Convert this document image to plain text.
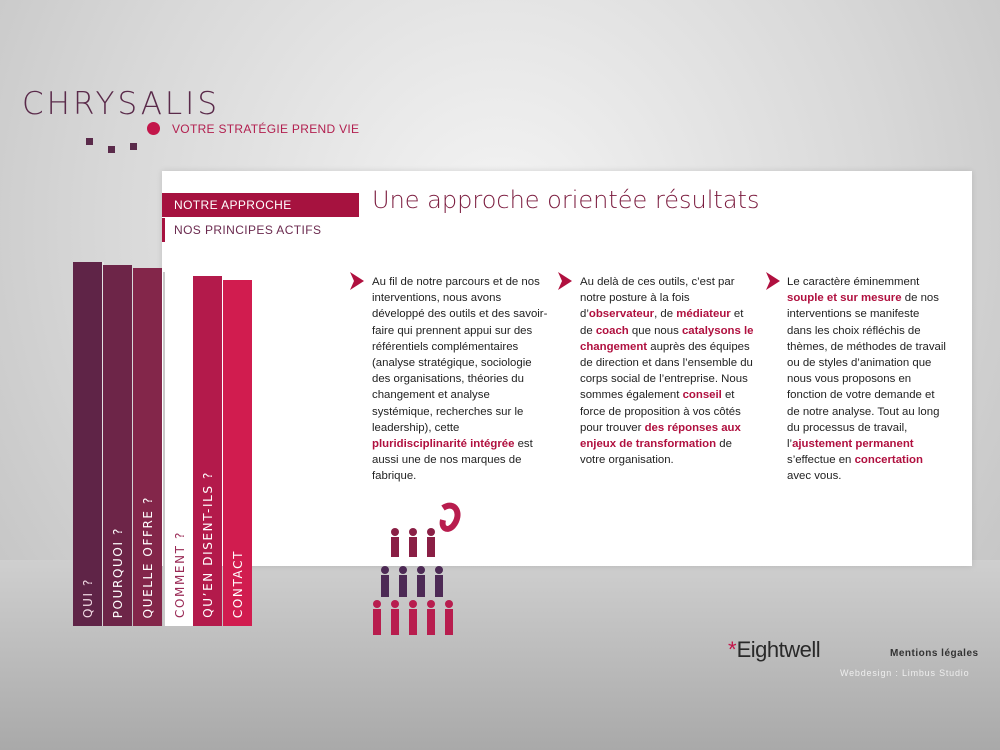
CHRYSALIS
VOTRE STRATÉGIE PREND VIE
NOTRE APPROCHE
NOS PRINCIPES ACTIFS
Une approche orientée résultats

Au fil de notre parcours et de nos interventions, nous avons développé des outils et des savoir-faire qui prennent appui sur des référentiels complémentaires (analyse stratégique, sociologie des organisations, théories du changement et analyse systémique, recherches sur le leadership), cette pluridisciplinarité intégrée est aussi une de nos marques de fabrique.

Au delà de ces outils, c’est par notre posture à la fois d’observateur, de médiateur et de coach que nous catalysons le changement auprès des équipes de direction et dans l’ensemble du corps social de l’entreprise. Nous sommes également conseil et force de proposition à vos côtés pour trouver des réponses aux enjeux de transformation de votre organisation.

Le caractère éminemment souple et sur mesure de nos interventions se manifeste dans les choix réfléchis de thèmes, de méthodes de travail ou de styles d’animation que nous vous proposons en fonction de votre demande et de notre analyse. Tout au long du processus de travail, l’ajustement permanent s’effectue en concertation avec vous.

QUI ? POURQUOI ? QUELLE OFFRE ? COMMENT ? QU’EN DISENT-ILS ? CONTACT
*Eightwell	Mentions légales
Webdesign : Limbus Studio
